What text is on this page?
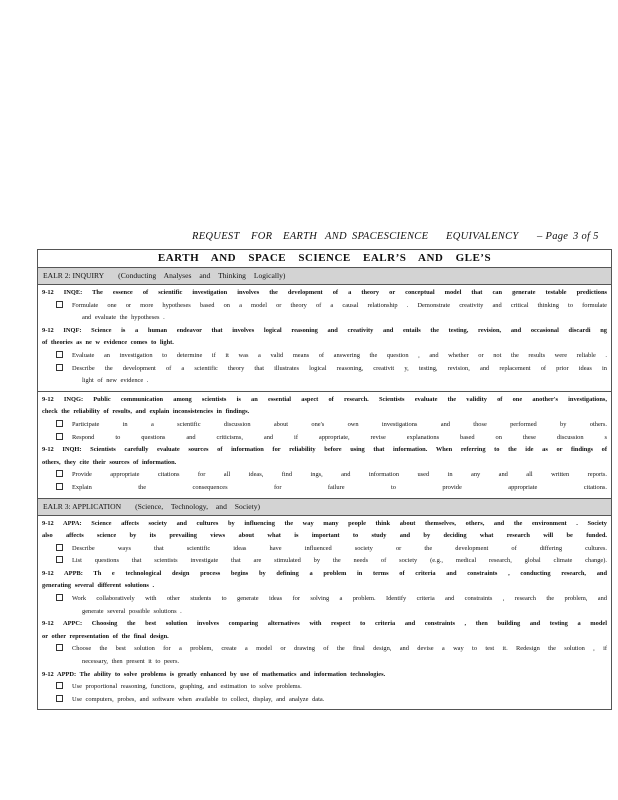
REQUEST FOR EARTH AND SPACESCIENCE EQUIVALENCY – Page 3 of 5
EARTH AND SPACE SCIENCE EALR’S AND GLE’S
EALR 2: INQUIRY (Conducting Analyses and Thinking Logically)
9-12 INQE: The essence of scientific investigation involves the development of a theory or conceptual model that can generate testable predictions
Formulate one or more hypotheses based on a model or theory of a causal relationship . Demonstrate creativity and critical thinking to formulate
and evaluate the hypotheses .
9-12 INQF: Science is a human endeavor that involves logical reasoning and creativity and entails the testing, revision, and occasional discardi ng
of theories as ne w evidence comes to light.
Evaluate an investigation to determine if it was a valid means of answering the question , and whether or not the results were reliable .
Describe the development of a scientific theory that illustrates logical reasoning, creativit y, testing, revision, and replacement of prior ideas in
light of new evidence .
9-12 INQG: Public communication among scientists is an essential aspect of research. Scientists evaluate the validity of one another's investigations,
check the reliability of results, and explain inconsistencies in findings.
Participate in a scientific discussion about one's own investigations and those performed by others.
Respond to questions and criticisms, and if appropriate, revise explanations based on these discussion s
9-12 INQH: Scientists carefully evaluate sources of information for reliability before using that information. When referring to the ide as or findings of
others, they cite their sources of information.
Provide appropriate citations for all ideas, find ings, and information used in any and all written reports.
Explain the consequences for failure to provide appropriate citations.
EALR 3: APPLICATION (Science, Technology, and Society)
9-12 APPA: Science affects society and cultures by influencing the way many people think about themselves, others, and the environment . Society
also affects science by its prevailing views about what is important to study and by deciding what research will be funded.
Describe ways that scientific ideas have influenced society or the development of differing cultures.
List questions that scientists investigate that are stimulated by the needs of society (e.g., medical research, global climate change).
9-12 APPB: Th e technological design process begins by defining a problem in terms of criteria and constraints , conducting research, and
generating several different solutions .
Work collaboratively with other students to generate ideas for solving a problem. Identify criteria and constraints , research the problem, and
generate several possible solutions .
9-12 APPC: Choosing the best solution involves comparing alternatives with respect to criteria and constraints , then building and testing a model
or other representation of the final design.
Choose the best solution for a problem, create a model or drawing of the final design, and devise a way to test it. Redesign the solution , if
necessary, then present it to peers.
9-12 APPD: The ability to solve problems is greatly enhanced by use of mathematics and information technologies.
Use proportional reasoning, functions, graphing, and estimation to solve problems.
Use computers, probes, and software when available to collect, display, and analyze data.
